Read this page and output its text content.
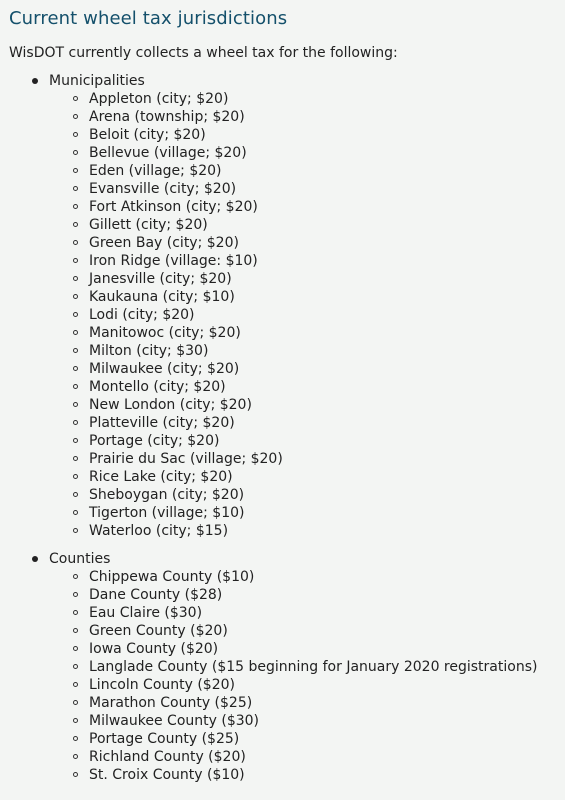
Current wheel tax jurisdictions

WisDOT currently collects a wheel tax for the following:

Municipalities
Appleton (city; $20)
Arena (township; $20)
Beloit (city; $20)
Bellevue (village; $20)
Eden (village; $20)
Evansville (city; $20)
Fort Atkinson (city; $20)
Gillett (city; $20)
Green Bay (city; $20)
Iron Ridge (village: $10)
Janesville (city; $20)
Kaukauna (city; $10)
Lodi (city; $20)
Manitowoc (city; $20)
Milton (city; $30)
Milwaukee (city; $20)
Montello (city; $20)
New London (city; $20)
Platteville (city; $20)
Portage (city; $20)
Prairie du Sac (village; $20)
Rice Lake (city; $20)
Sheboygan (city; $20)
Tigerton (village; $10)
Waterloo (city; $15)
Counties
Chippewa County ($10)
Dane County ($28)
Eau Claire ($30)
Green County ($20)
Iowa County ($20)
Langlade County ($15 beginning for January 2020 registrations)
Lincoln County ($20)
Marathon County ($25)
Milwaukee County ($30)
Portage County ($25)
Richland County ($20)
St. Croix County ($10)
